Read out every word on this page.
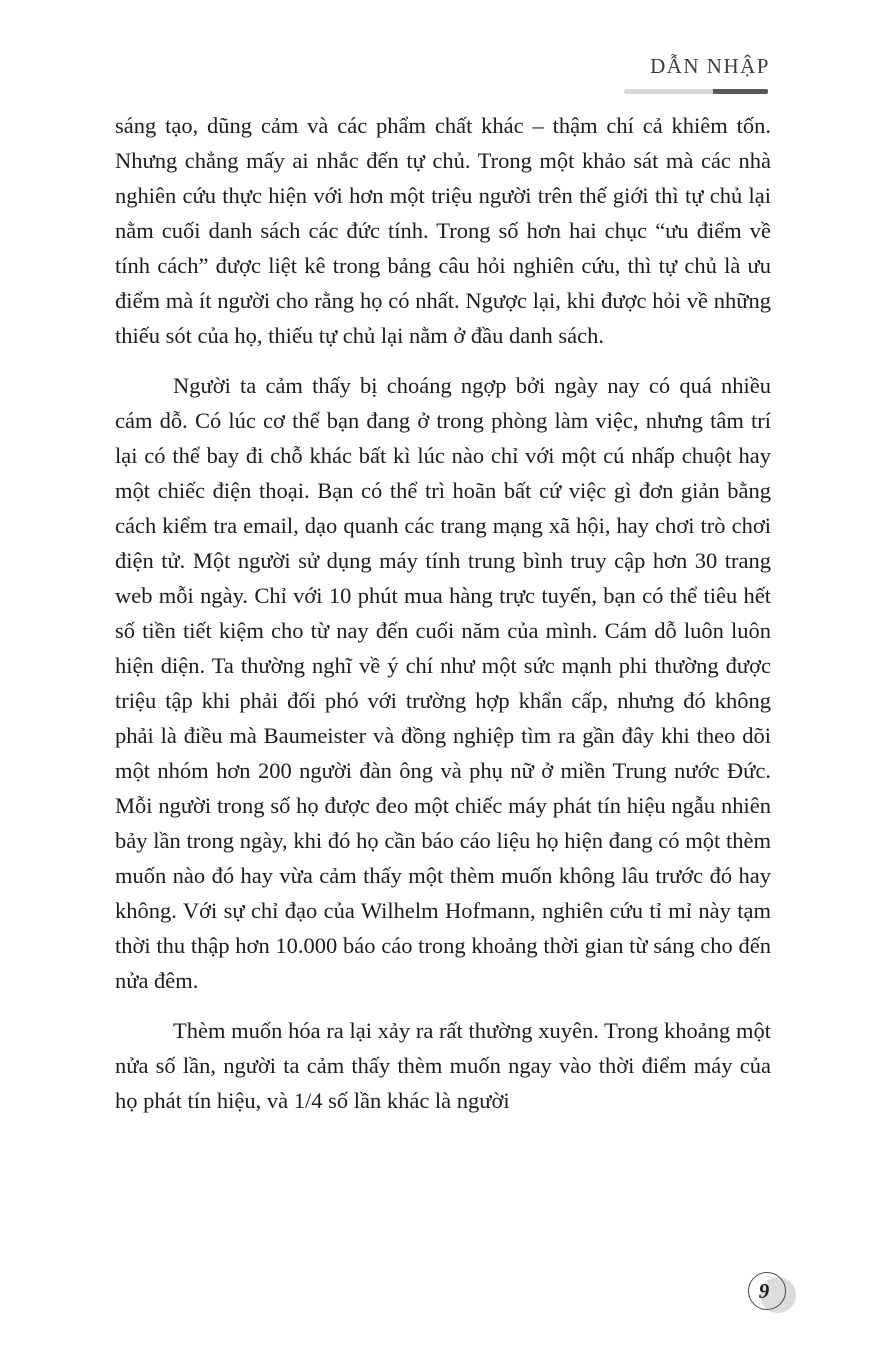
DẪN NHẬP

sáng tạo, dũng cảm và các phẩm chất khác – thậm chí cả khiêm tốn. Nhưng chẳng mấy ai nhắc đến tự chủ. Trong một khảo sát mà các nhà nghiên cứu thực hiện với hơn một triệu người trên thế giới thì tự chủ lại nằm cuối danh sách các đức tính. Trong số hơn hai chục “ưu điểm về tính cách” được liệt kê trong bảng câu hỏi nghiên cứu, thì tự chủ là ưu điểm mà ít người cho rằng họ có nhất. Ngược lại, khi được hỏi về những thiếu sót của họ, thiếu tự chủ lại nằm ở đầu danh sách.

Người ta cảm thấy bị choáng ngợp bởi ngày nay có quá nhiều cám dỗ. Có lúc cơ thể bạn đang ở trong phòng làm việc, nhưng tâm trí lại có thể bay đi chỗ khác bất kì lúc nào chỉ với một cú nhấp chuột hay một chiếc điện thoại. Bạn có thể trì hoãn bất cứ việc gì đơn giản bằng cách kiểm tra email, dạo quanh các trang mạng xã hội, hay chơi trò chơi điện tử. Một người sử dụng máy tính trung bình truy cập hơn 30 trang web mỗi ngày. Chỉ với 10 phút mua hàng trực tuyến, bạn có thể tiêu hết số tiền tiết kiệm cho từ nay đến cuối năm của mình. Cám dỗ luôn luôn hiện diện. Ta thường nghĩ về ý chí như một sức mạnh phi thường được triệu tập khi phải đối phó với trường hợp khẩn cấp, nhưng đó không phải là điều mà Baumeister và đồng nghiệp tìm ra gần đây khi theo dõi một nhóm hơn 200 người đàn ông và phụ nữ ở miền Trung nước Đức. Mỗi người trong số họ được đeo một chiếc máy phát tín hiệu ngẫu nhiên bảy lần trong ngày, khi đó họ cần báo cáo liệu họ hiện đang có một thèm muốn nào đó hay vừa cảm thấy một thèm muốn không lâu trước đó hay không. Với sự chỉ đạo của Wilhelm Hofmann, nghiên cứu tỉ mỉ này tạm thời thu thập hơn 10.000 báo cáo trong khoảng thời gian từ sáng cho đến nửa đêm.

Thèm muốn hóa ra lại xảy ra rất thường xuyên. Trong khoảng một nửa số lần, người ta cảm thấy thèm muốn ngay vào thời điểm máy của họ phát tín hiệu, và 1/4 số lần khác là người

9
